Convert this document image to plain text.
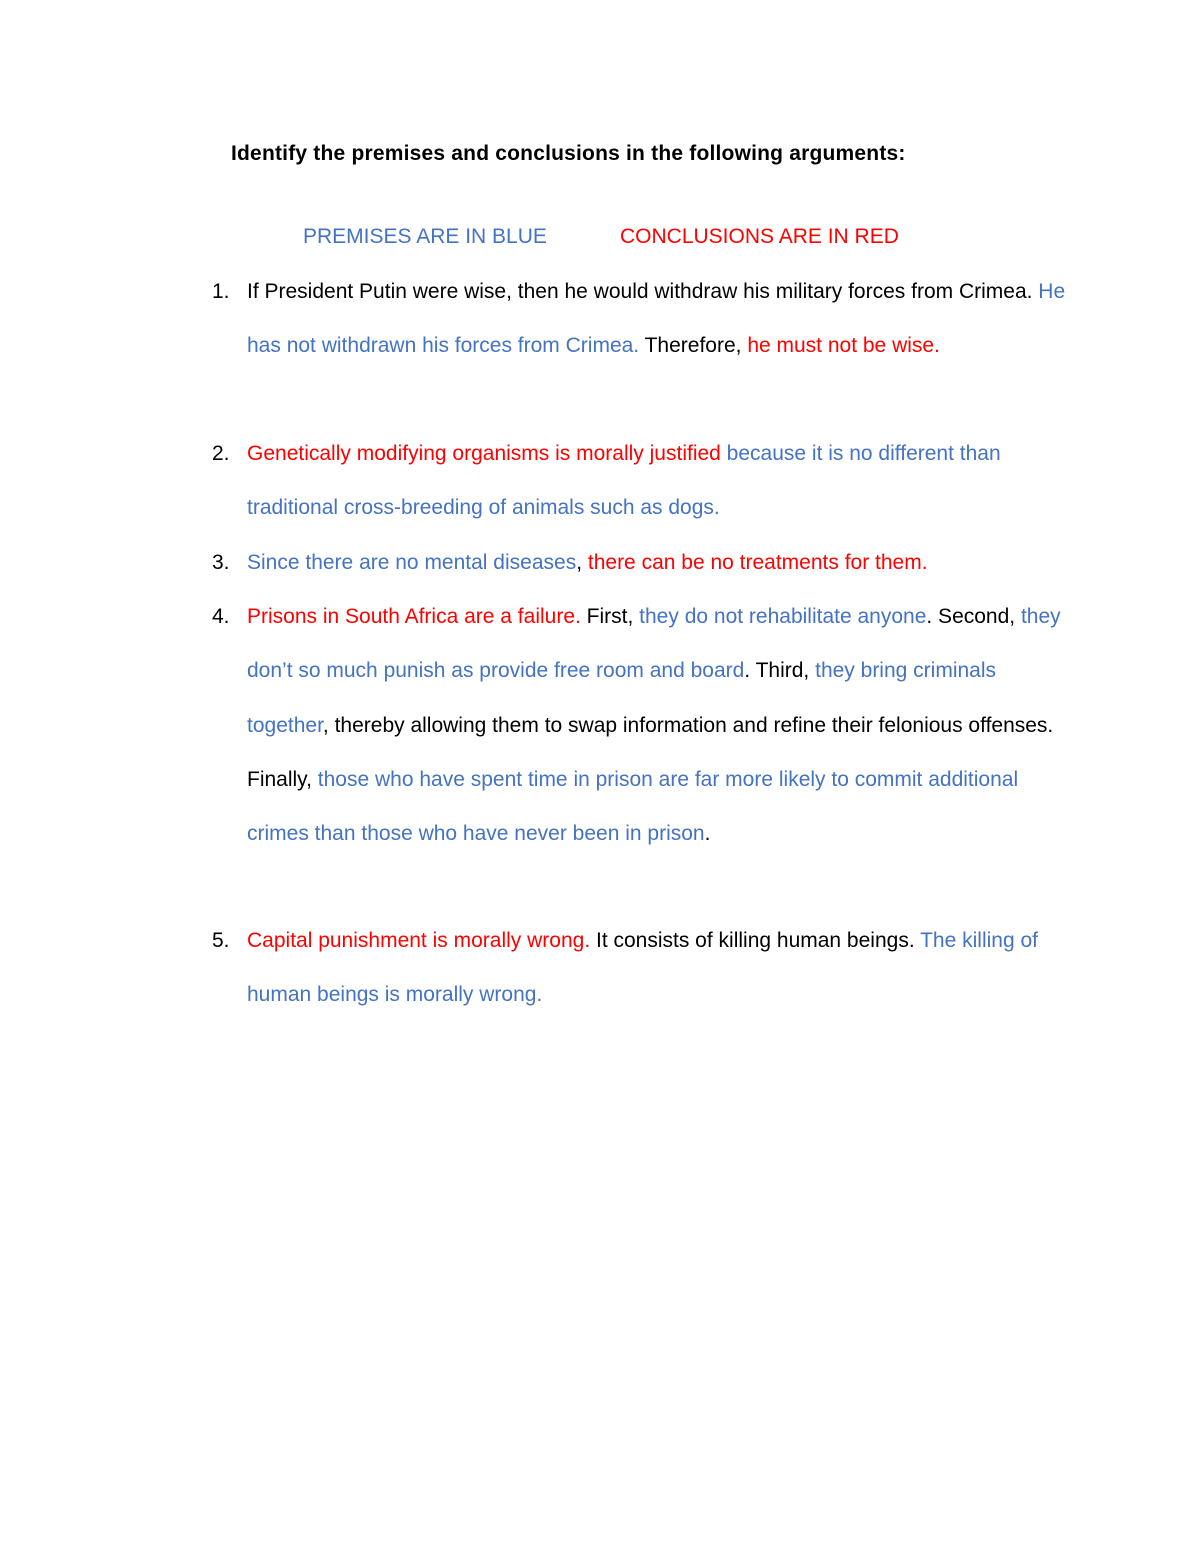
Identify the premises and conclusions in the following arguments:
PREMISES ARE IN BLUE	CONCLUSIONS ARE IN RED
1. If President Putin were wise, then he would withdraw his military forces from Crimea. He has not withdrawn his forces from Crimea. Therefore, he must not be wise.
2. Genetically modifying organisms is morally justified because it is no different than traditional cross-breeding of animals such as dogs.
3. Since there are no mental diseases, there can be no treatments for them.
4. Prisons in South Africa are a failure. First, they do not rehabilitate anyone. Second, they don’t so much punish as provide free room and board. Third, they bring criminals together, thereby allowing them to swap information and refine their felonious offenses. Finally, those who have spent time in prison are far more likely to commit additional crimes than those who have never been in prison.
5. Capital punishment is morally wrong. It consists of killing human beings. The killing of human beings is morally wrong.
